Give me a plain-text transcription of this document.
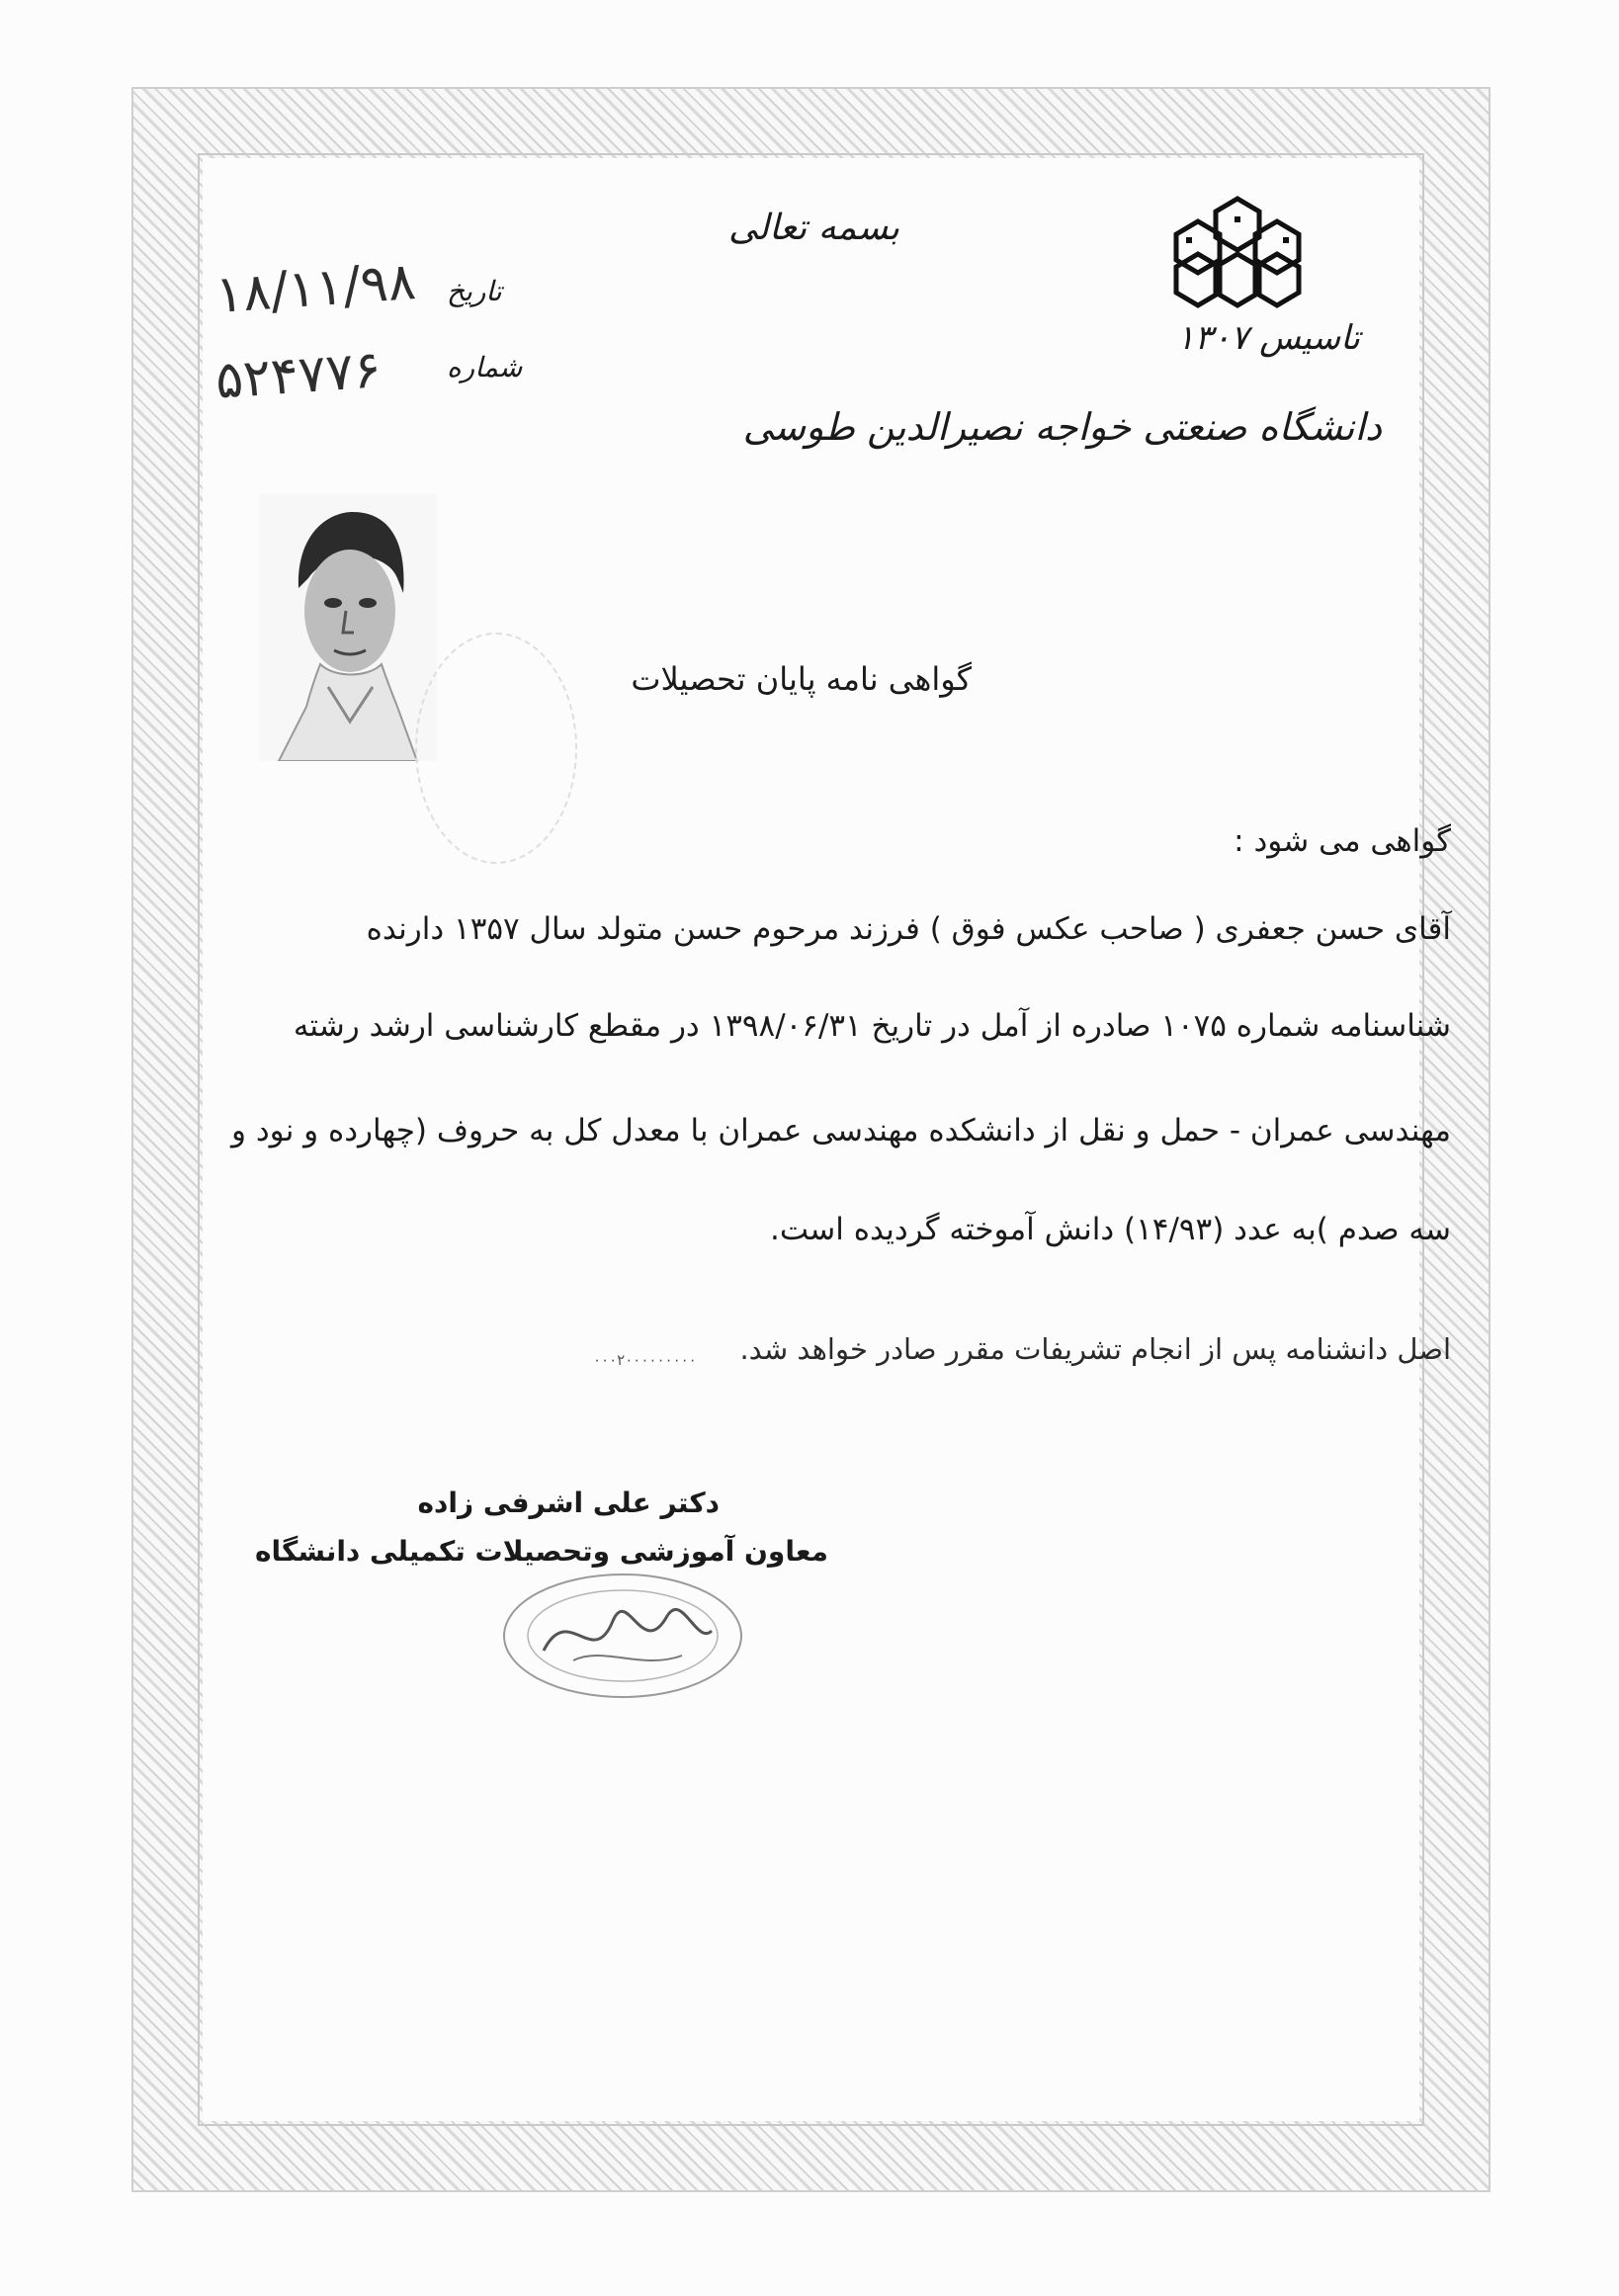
بسمه تعالی
تاسیس ۱۳۰۷
دانشگاه صنعتی خواجه نصیرالدین طوسی
تاریخ
۱۸/۱۱/۹۸
شماره
۵۲۴۷۷۶
گواهی نامه پایان تحصیلات
گواهی می شود :
آقای حسن جعفری ( صاحب عکس فوق ) فرزند مرحوم حسن متولد سال ۱۳۵۷ دارنده
شناسنامه شماره ۱۰۷۵ صادره از آمل در تاریخ ۱۳۹۸/۰۶/۳۱ در مقطع کارشناسی ارشد رشته
مهندسی عمران - حمل و نقل از دانشکده مهندسی عمران با معدل کل به حروف (چهارده و نود و
سه صدم )به عدد (۱۴/۹۳) دانش آموخته گردیده است.
اصل دانشنامه پس از انجام تشریفات مقرر صادر خواهد شد.
۰۰۰۲۰۰۰۰۰۰۰۰۰
دکتر علی اشرفی زاده
معاون آموزشی وتحصیلات تکمیلی دانشگاه
